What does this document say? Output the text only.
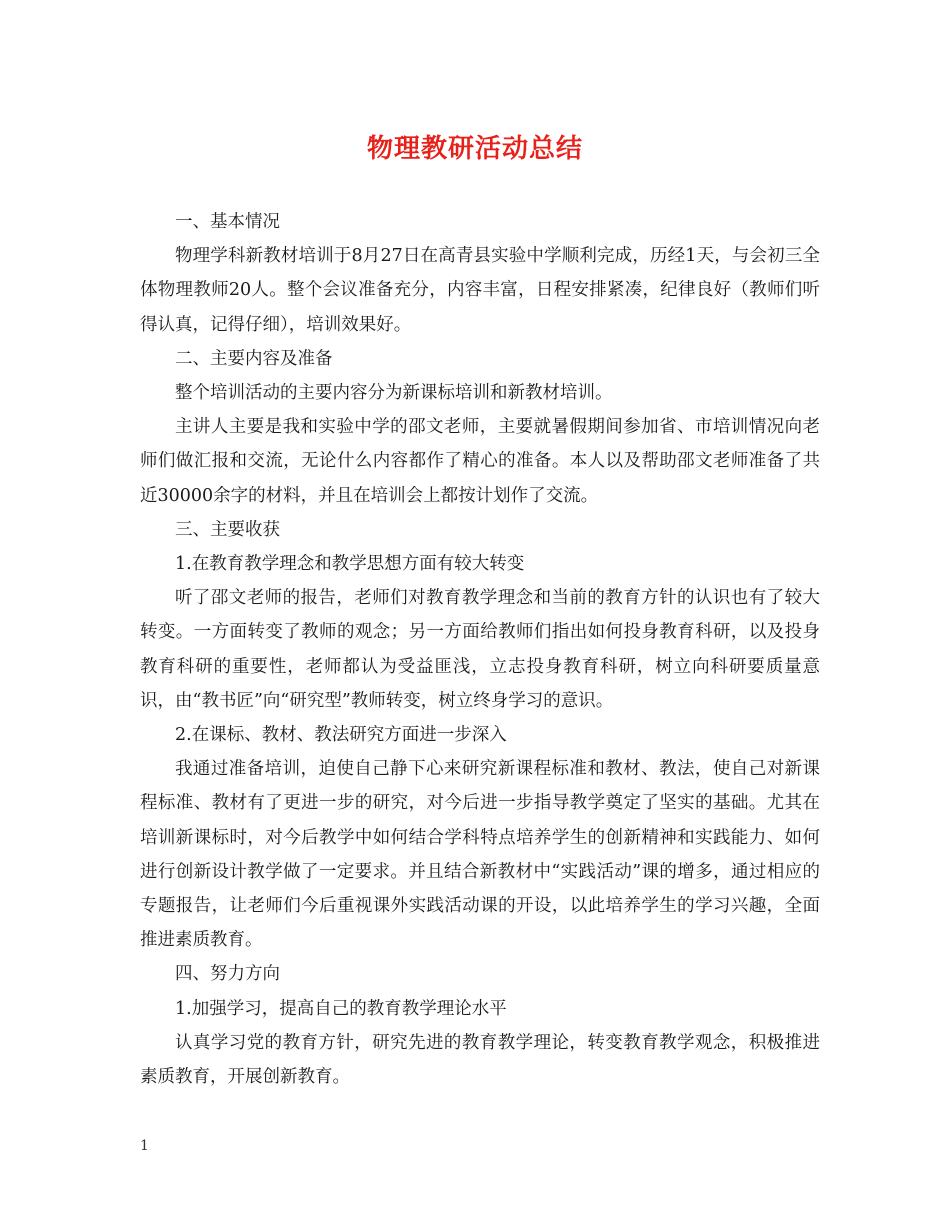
物理教研活动总结

一、基本情况

物理学科新教材培训于8月27日在高青县实验中学顺利完成，历经1天，与会初三全体物理教师20人。整个会议准备充分，内容丰富，日程安排紧凑，纪律良好（教师们听得认真，记得仔细），培训效果好。

二、主要内容及准备

整个培训活动的主要内容分为新课标培训和新教材培训。

主讲人主要是我和实验中学的邵文老师，主要就暑假期间参加省、市培训情况向老师们做汇报和交流，无论什么内容都作了精心的准备。本人以及帮助邵文老师准备了共近30000余字的材料，并且在培训会上都按计划作了交流。

三、主要收获

1.在教育教学理念和教学思想方面有较大转变

听了邵文老师的报告，老师们对教育教学理念和当前的教育方针的认识也有了较大转变。一方面转变了教师的观念；另一方面给教师们指出如何投身教育科研，以及投身教育科研的重要性，老师都认为受益匪浅，立志投身教育科研，树立向科研要质量意识，由“教书匠”向“研究型”教师转变，树立终身学习的意识。

2.在课标、教材、教法研究方面进一步深入

我通过准备培训，迫使自己静下心来研究新课程标准和教材、教法，使自己对新课程标准、教材有了更进一步的研究，对今后进一步指导教学奠定了坚实的基础。尤其在培训新课标时，对今后教学中如何结合学科特点培养学生的创新精神和实践能力、如何进行创新设计教学做了一定要求。并且结合新教材中“实践活动”课的增多，通过相应的专题报告，让老师们今后重视课外实践活动课的开设，以此培养学生的学习兴趣，全面推进素质教育。

四、努力方向

1.加强学习，提高自己的教育教学理论水平

认真学习党的教育方针，研究先进的教育教学理论，转变教育教学观念，积极推进素质教育，开展创新教育。

1
